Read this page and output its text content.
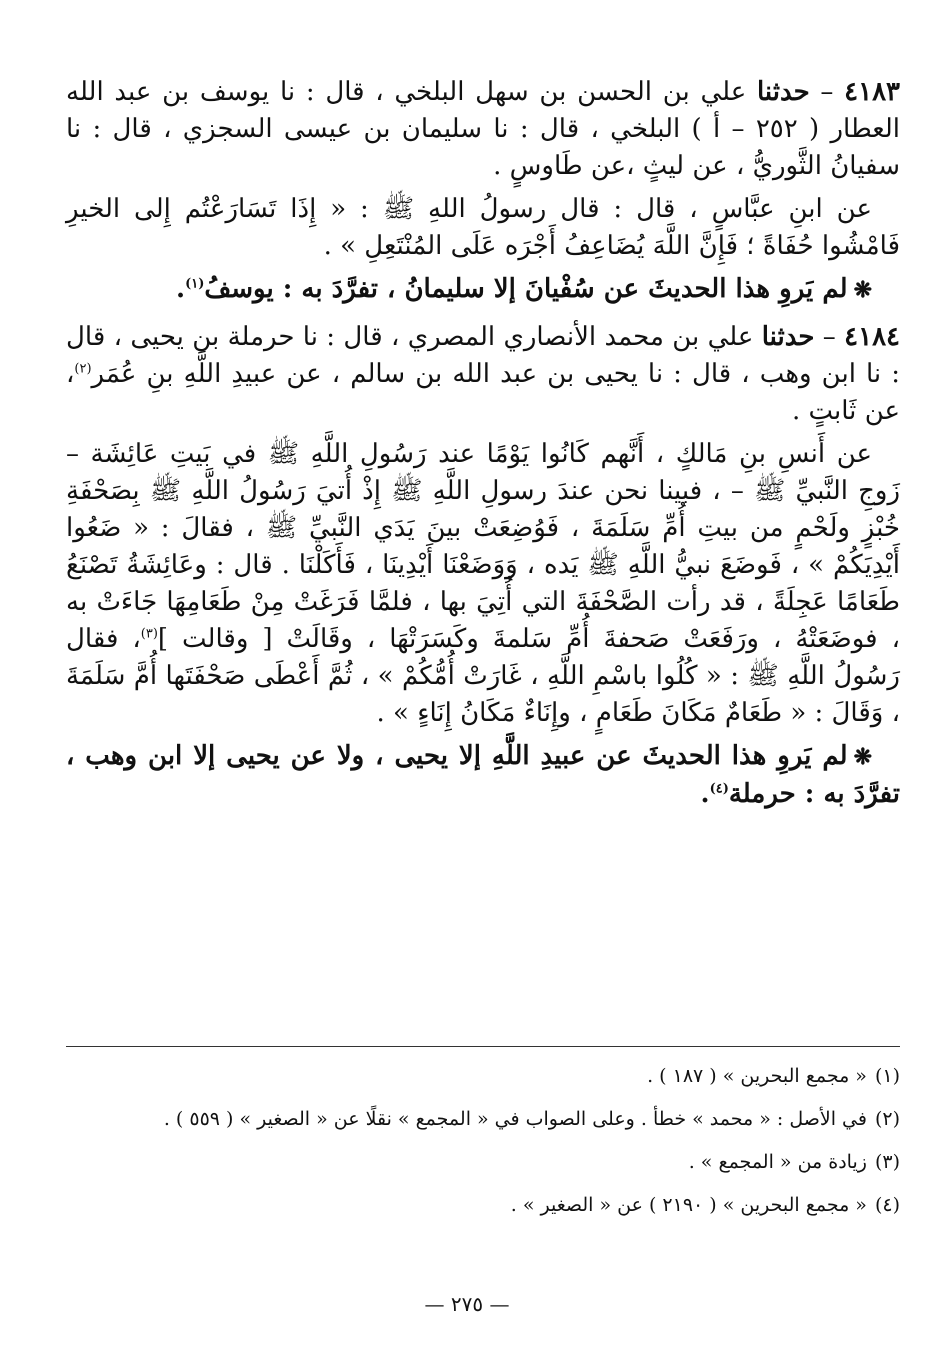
٤١٨٣ – حدثنا علي بن الحسن بن سهل البلخي ، قال : نا يوسف بن عبد الله العطار ( ٢٥٢ – أ ) البلخي ، قال : نا سليمان بن عيسى السجزي ، قال : نا سفيانُ الثَّوريُّ ، عن ليثٍ ،عن طَاوسٍ .

عن ابنِ عبَّاسٍ ، قال : قال رسولُ اللهِ ﷺ : « إِذَا تَسَارَعْتُم إِلى الخيرِ فَامْشُوا حُفَاةً ؛ فَإِنَّ اللَّهَ يُضَاعِفُ أَجْرَه عَلَى المُنْتَعِلِ » .

❋لم يَروِ هذا الحديثَ عن سُفْيانَ إلا سليمانُ ، تفرَّدَ به : يوسفُ$^{(١)}$.

٤١٨٤ – حدثنا علي بن محمد الأنصاري المصري ، قال : نا حرملة بن يحيى ، قال : نا ابن وهب ، قال : نا يحيى بن عبد الله بن سالم ، عن عبيدِ اللَّهِ بنِ عُمَر$^{(٢)}$، عن ثَابتٍ .

عن أَنسِ بنِ مَالكٍ ، أَنَّهم كَانُوا يَوْمًا عند رَسُولِ اللَّهِ ﷺ في بَيتِ عَائِشَة – زَوجِ النَّبيِّ ﷺ – ، فبينا نحن عندَ رسولِ اللَّهِ ﷺ إِذْ أُتيَ رَسُولُ اللَّهِ ﷺ بِصَحْفَةِ خُبْزٍ ولَحْمٍ من بيتِ أُمِّ سَلَمَةَ ، فَوُضِعَتْ بينَ يَدَي النَّبيِّ ﷺ ، فقالَ : « ضَعُوا أَيْدِيَكُمْ » ، فَوضَعَ نبيُّ اللَّهِ ﷺ يَده ، وَوَضَعْنَا أَيْدِينَا ، فَأَكَلْنَا . قال : وعَائِشَةُ تَصْنَعُ طَعَامًا عَجِلَةً ، قد رأت الصَّحْفَةَ التي أُتِيَ بها ، فلمَّا فَرَغَتْ مِنْ طَعَامِهَا جَاءَتْ به ، فوضَعَتْهُ ، ورَفَعَتْ صَحفةَ أُمِّ سَلمةَ وكَسَرَتْهَا ، وقَالَتْ [ وقالت ]$^{(٣)}$، فقال رَسُولُ اللَّهِ ﷺ : « كُلُوا باسْمِ اللَّهِ ، غَارَتْ أُمُّكُمْ » ، ثُمَّ أَعْطَى صَحْفَتَها أُمَّ سَلَمَةَ ، وَقَالَ : « طَعَامٌ مَكَانَ طَعَامٍ ، وإِنَاءٌ مَكَانُ إِنَاءٍ » .

❋لم يَروِ هذا الحديثَ عن عبيدِ اللَّهِ إلا يحيى ، ولا عن يحيى إلا ابن وهب ، تفرَّدَ به : حرملة$^{(٤)}$.

(١)« مجمع البحرين » ( ١٨٧ ) .

(٢)في الأصل : « محمد » خطأ . وعلى الصواب في « المجمع » نقلًا عن « الصغير » ( ٥٥٩ ) .

(٣)زيادة من « المجمع » .

(٤)« مجمع البحرين » ( ٢١٩٠ ) عن « الصغير » .

— ٢٧٥ —
